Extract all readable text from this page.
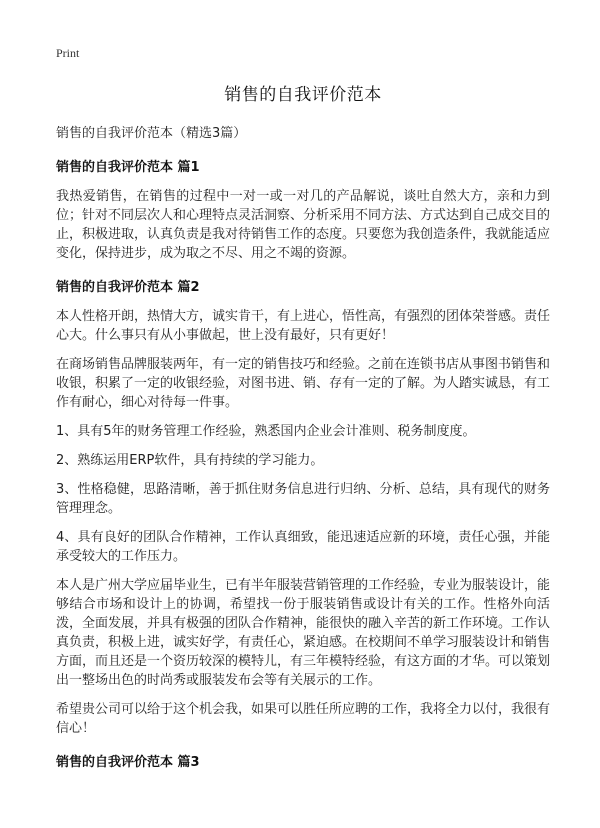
Print
销售的自我评价范本

销售的自我评价范本（精选3篇）

销售的自我评价范本 篇1

我热爱销售，在销售的过程中一对一或一对几的产品解说，谈吐自然大方，亲和力到位；针对不同层次人和心理特点灵活洞察、分析采用不同方法、方式达到自己成交目的止，积极进取，认真负责是我对待销售工作的态度。只要您为我创造条件，我就能适应变化，保持进步，成为取之不尽、用之不竭的资源。

销售的自我评价范本 篇2

本人性格开朗，热情大方，诚实肯干，有上进心，悟性高，有强烈的团体荣誉感。责任心大。什么事只有从小事做起，世上没有最好，只有更好！

在商场销售品牌服装两年，有一定的销售技巧和经验。之前在连锁书店从事图书销售和收银，积累了一定的收银经验，对图书进、销、存有一定的了解。为人踏实诚恳，有工作有耐心，细心对待每一件事。

1、具有5年的财务管理工作经验，熟悉国内企业会计准则、税务制度度。

2、熟练运用ERP软件，具有持续的学习能力。

3、性格稳健，思路清晰，善于抓住财务信息进行归纳、分析、总结，具有现代的财务管理理念。

4、具有良好的团队合作精神，工作认真细致，能迅速适应新的环境，责任心强，并能承受较大的工作压力。

本人是广州大学应届毕业生，已有半年服装营销管理的工作经验，专业为服装设计，能够结合市场和设计上的协调，希望找一份于服装销售或设计有关的工作。性格外向活泼，全面发展，并具有极强的团队合作精神，能很快的融入辛苦的新工作环境。工作认真负责，积极上进，诚实好学，有责任心，紧迫感。在校期间不单学习服装设计和销售方面，而且还是一个资历较深的模特儿，有三年模特经验，有这方面的才华。可以策划出一整场出色的时尚秀或服装发布会等有关展示的工作。

希望贵公司可以给于这个机会我，如果可以胜任所应聘的工作，我将全力以付，我很有信心！

销售的自我评价范本 篇3
